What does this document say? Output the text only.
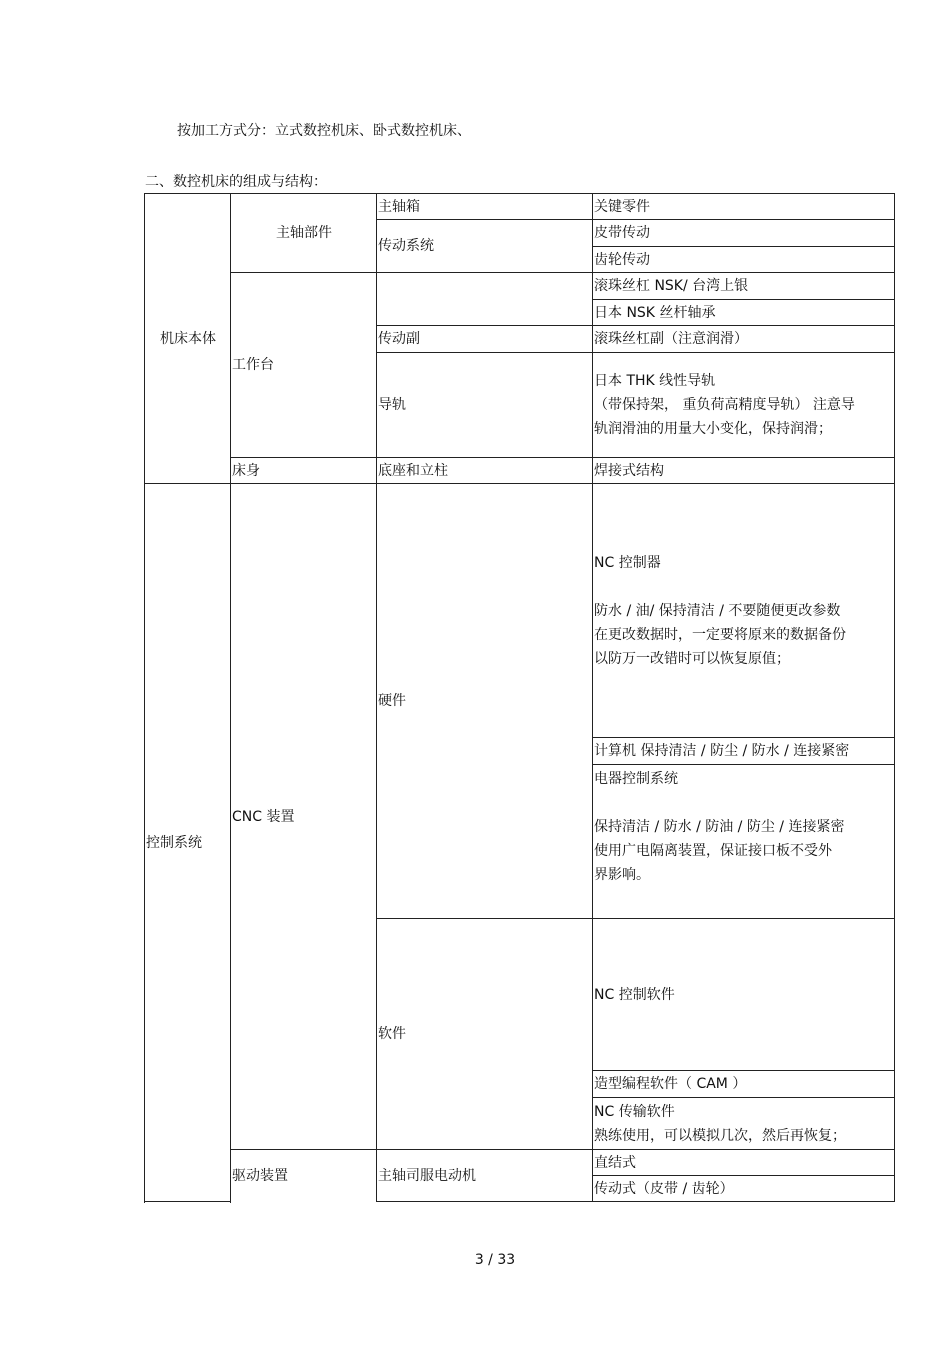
按加工方式分：立式数控机床、卧式数控机床、
二、数控机床的组成与结构：
机床本体	主轴部件	主轴箱	关键零件
		传动系统	皮带传动
			齿轮传动
	工作台		滚珠丝杠 NSK/ 台湾上银
			日本 NSK 丝杆轴承
		传动副	滚珠丝杠副（注意润滑）
		导轨	日本 THK 线性导轨
（带保持架， 重负荷高精度导轨） 注意导
轨润滑油的用量大小变化，保持润滑；

	床身	底座和立柱	焊接式结构
控制系统	CNC 装置	硬件	NC 控制器
防水 / 油/ 保持清洁 / 不要随便更改参数
在更改数据时，一定要将原来的数据备份
以防万一改错时可以恢复原值；

			计算机 保持清洁 / 防尘 / 防水 / 连接紧密

			电器控制系统
保持清洁 / 防水 / 防油 / 防尘 / 连接紧密
使用广电隔离装置，保证接口板不受外
界影响。

		软件	NC 控制软件
			造型编程软件（ CAM ）

			NC 传输软件
熟练使用，可以模拟几次，然后再恢复；

	驱动装置	主轴司服电动机	直结式
			传动式（皮带 / 齿轮）

3 / 33
